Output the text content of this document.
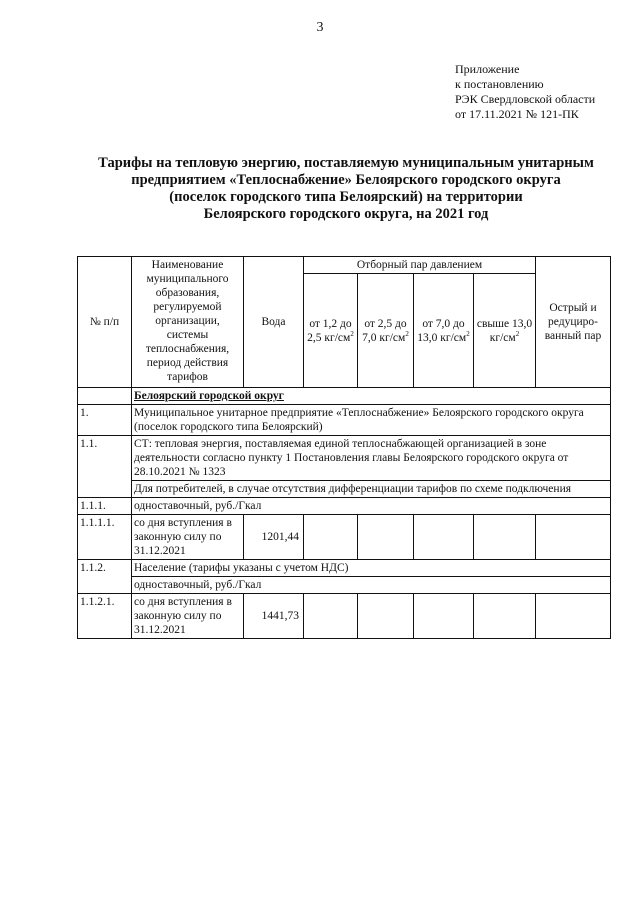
3
Приложение
к постановлению
РЭК Свердловской области
от 17.11.2021 № 121-ПК
Тарифы на тепловую энергию, поставляемую муниципальным унитарным
предприятием «Теплоснабжение» Белоярского городского округа
(поселок городского типа Белоярский) на территории
Белоярского городского округа, на 2021 год
№ п/п	Наименование муниципального образования, регулируемой организации, системы теплоснабжения, период действия тарифов	Вода	Отборный пар давлением				Острый и редуциро-ванный пар
			от 1,2 до 2,5 $кг/см^2$	от 2,5 до 7,0 $кг/см^2$	от 7,0 до 13,0 $кг/см^2$	свыше 13,0 $кг/см^2$
	Белоярский городской округ						
1.	Муниципальное унитарное предприятие «Теплоснабжение» Белоярского городского округа (поселок городского типа Белоярский)						
1.1.	СТ: тепловая энергия, поставляемая единой теплоснабжающей организацией в зоне деятельности согласно пункту 1 Постановления главы Белоярского городского округа от 28.10.2021 № 1323						
	Для потребителей, в случае отсутствия дифференциации тарифов по схеме подключения						
1.1.1.	одноставочный, руб./Гкал						
1.1.1.1.	со дня вступления в законную силу по 31.12.2021	1201,44					
1.1.2.	Население (тарифы указаны с учетом НДС)						
	одноставочный, руб./Гкал						
1.1.2.1.	со дня вступления в законную силу по 31.12.2021	1441,73					
